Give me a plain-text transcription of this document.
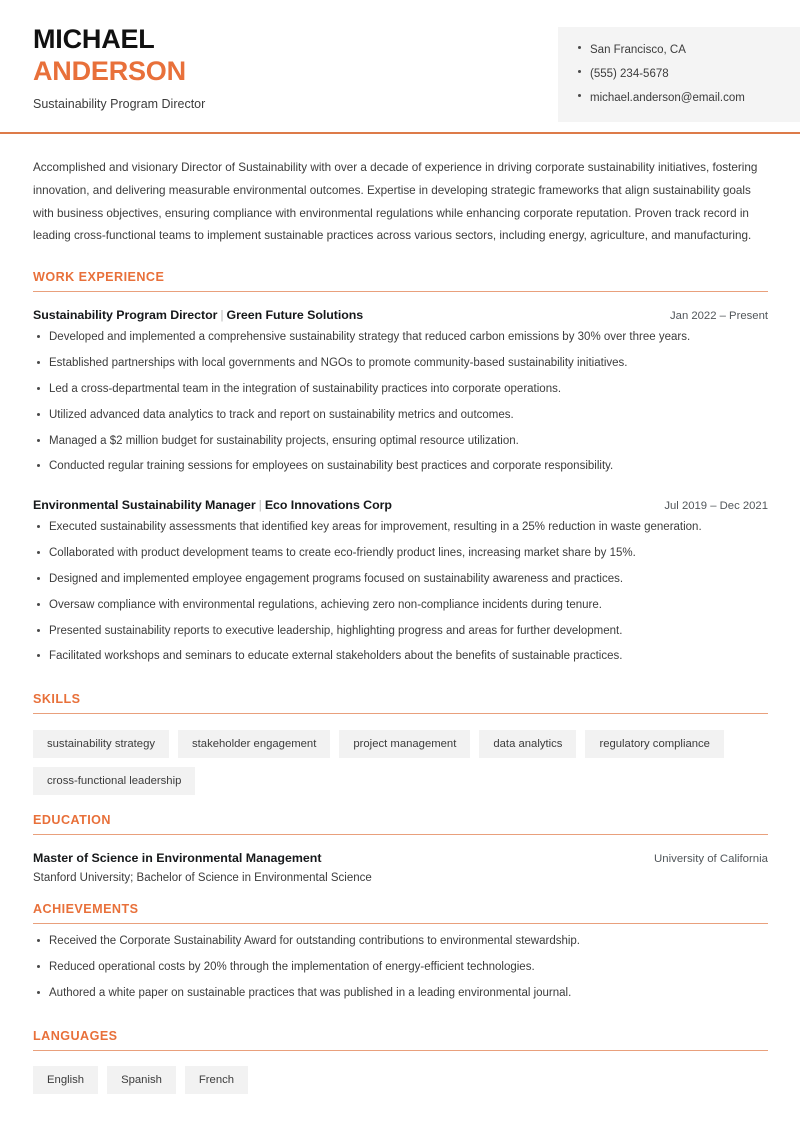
MICHAEL
ANDERSON
Sustainability Program Director
San Francisco, CA
(555) 234-5678
michael.anderson@email.com
Accomplished and visionary Director of Sustainability with over a decade of experience in driving corporate sustainability initiatives, fostering innovation, and delivering measurable environmental outcomes. Expertise in developing strategic frameworks that align sustainability goals with business objectives, ensuring compliance with environmental regulations while enhancing corporate reputation. Proven track record in leading cross-functional teams to implement sustainable practices across various sectors, including energy, agriculture, and manufacturing.
WORK EXPERIENCE
Sustainability Program Director | Green Future Solutions	Jan 2022 – Present
Developed and implemented a comprehensive sustainability strategy that reduced carbon emissions by 30% over three years.
Established partnerships with local governments and NGOs to promote community-based sustainability initiatives.
Led a cross-departmental team in the integration of sustainability practices into corporate operations.
Utilized advanced data analytics to track and report on sustainability metrics and outcomes.
Managed a $2 million budget for sustainability projects, ensuring optimal resource utilization.
Conducted regular training sessions for employees on sustainability best practices and corporate responsibility.
Environmental Sustainability Manager | Eco Innovations Corp	Jul 2019 – Dec 2021
Executed sustainability assessments that identified key areas for improvement, resulting in a 25% reduction in waste generation.
Collaborated with product development teams to create eco-friendly product lines, increasing market share by 15%.
Designed and implemented employee engagement programs focused on sustainability awareness and practices.
Oversaw compliance with environmental regulations, achieving zero non-compliance incidents during tenure.
Presented sustainability reports to executive leadership, highlighting progress and areas for further development.
Facilitated workshops and seminars to educate external stakeholders about the benefits of sustainable practices.
SKILLS
sustainability strategy	stakeholder engagement	project management	data analytics	regulatory compliance
cross-functional leadership
EDUCATION
Master of Science in Environmental Management	University of California
Stanford University; Bachelor of Science in Environmental Science
ACHIEVEMENTS
Received the Corporate Sustainability Award for outstanding contributions to environmental stewardship.
Reduced operational costs by 20% through the implementation of energy-efficient technologies.
Authored a white paper on sustainable practices that was published in a leading environmental journal.
LANGUAGES
English	Spanish	French
